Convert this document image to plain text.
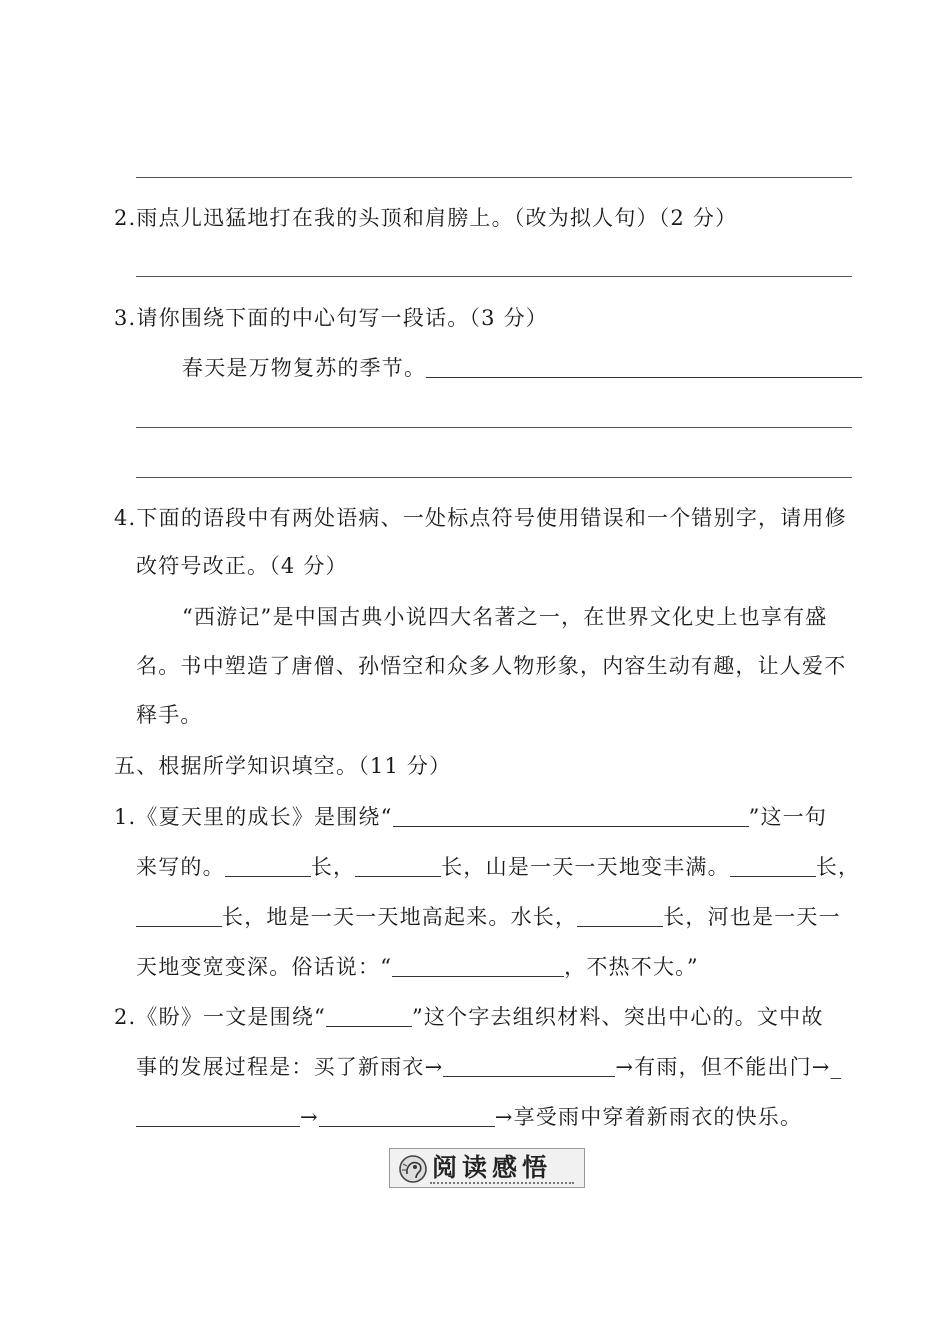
2.雨点儿迅猛地打在我的头顶和肩膀上。（改为拟人句）（2 分）
3.请你围绕下面的中心句写一段话。（3 分）
春天是万物复苏的季节。
4.下面的语段中有两处语病、一处标点符号使用错误和一个错别字，请用修
改符号改正。（4 分）
“西游记”是中国古典小说四大名著之一，在世界文化史上也享有盛
名。书中塑造了唐僧、孙悟空和众多人物形象，内容生动有趣，让人爱不
释手。
五、根据所学知识填空。（11 分）
1.《夏天里的成长》是围绕“	”这一句
来写的。	长，	长，山是一天一天地变丰满。	长，
长，地是一天一天地高起来。水长，	长，河也是一天一
天地变宽变深。俗话说：“	，不热不大。”
2.《盼》一文是围绕“	”这个字去组织材料、突出中心的。文中故
事的发展过程是：买了新雨衣→	→有雨，但不能出门→_
→	→享受雨中穿着新雨衣的快乐。
阅读感悟
